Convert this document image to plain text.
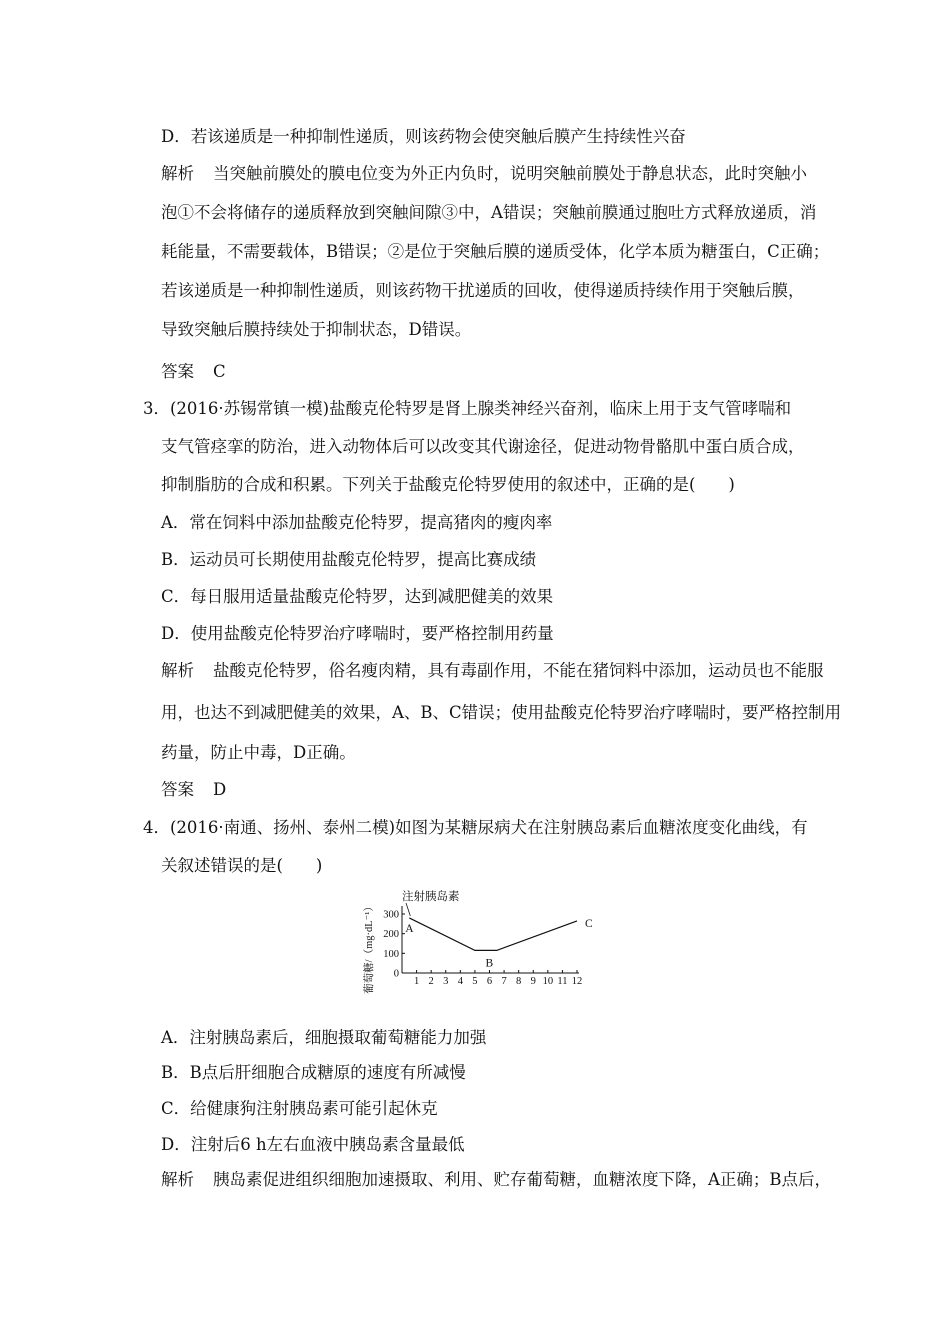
D．若该递质是一种抑制性递质，则该药物会使突触后膜产生持续性兴奋
解析 当突触前膜处的膜电位变为外正内负时，说明突触前膜处于静息状态，此时突触小
泡①不会将储存的递质释放到突触间隙③中，A错误；突触前膜通过胞吐方式释放递质，消
耗能量，不需要载体，B错误；②是位于突触后膜的递质受体，化学本质为糖蛋白，C正确；
若该递质是一种抑制性递质，则该药物干扰递质的回收，使得递质持续作用于突触后膜，
导致突触后膜持续处于抑制状态，D错误。
答案 C
3．(2016·苏锡常镇一模)盐酸克伦特罗是肾上腺类神经兴奋剂，临床上用于支气管哮喘和
支气管痉挛的防治，进入动物体后可以改变其代谢途径，促进动物骨骼肌中蛋白质合成，
抑制脂肪的合成和积累。下列关于盐酸克伦特罗使用的叙述中，正确的是(　　)
A．常在饲料中添加盐酸克伦特罗，提高猪肉的瘦肉率
B．运动员可长期使用盐酸克伦特罗，提高比赛成绩
C．每日服用适量盐酸克伦特罗，达到减肥健美的效果
D．使用盐酸克伦特罗治疗哮喘时，要严格控制用药量
解析 盐酸克伦特罗，俗名瘦肉精，具有毒副作用，不能在猪饲料中添加，运动员也不能服
用，也达不到减肥健美的效果，A、B、C错误；使用盐酸克伦特罗治疗哮喘时，要严格控制用
药量，防止中毒，D正确。
答案 D
4．(2016·南通、扬州、泰州二模)如图为某糖尿病犬在注射胰岛素后血糖浓度变化曲线，有
关叙述错误的是(　　)
0
100
200
300
1 2 3 4 5 6 7 8 9 10 11 12
A
B
C
注射胰岛素
葡萄糖/（mg·dL⁻¹）
A．注射胰岛素后，细胞摄取葡萄糖能力加强
B．B点后肝细胞合成糖原的速度有所减慢
C．给健康狗注射胰岛素可能引起休克
D．注射后6 h左右血液中胰岛素含量最低
解析 胰岛素促进组织细胞加速摄取、利用、贮存葡萄糖，血糖浓度下降，A正确；B点后，
